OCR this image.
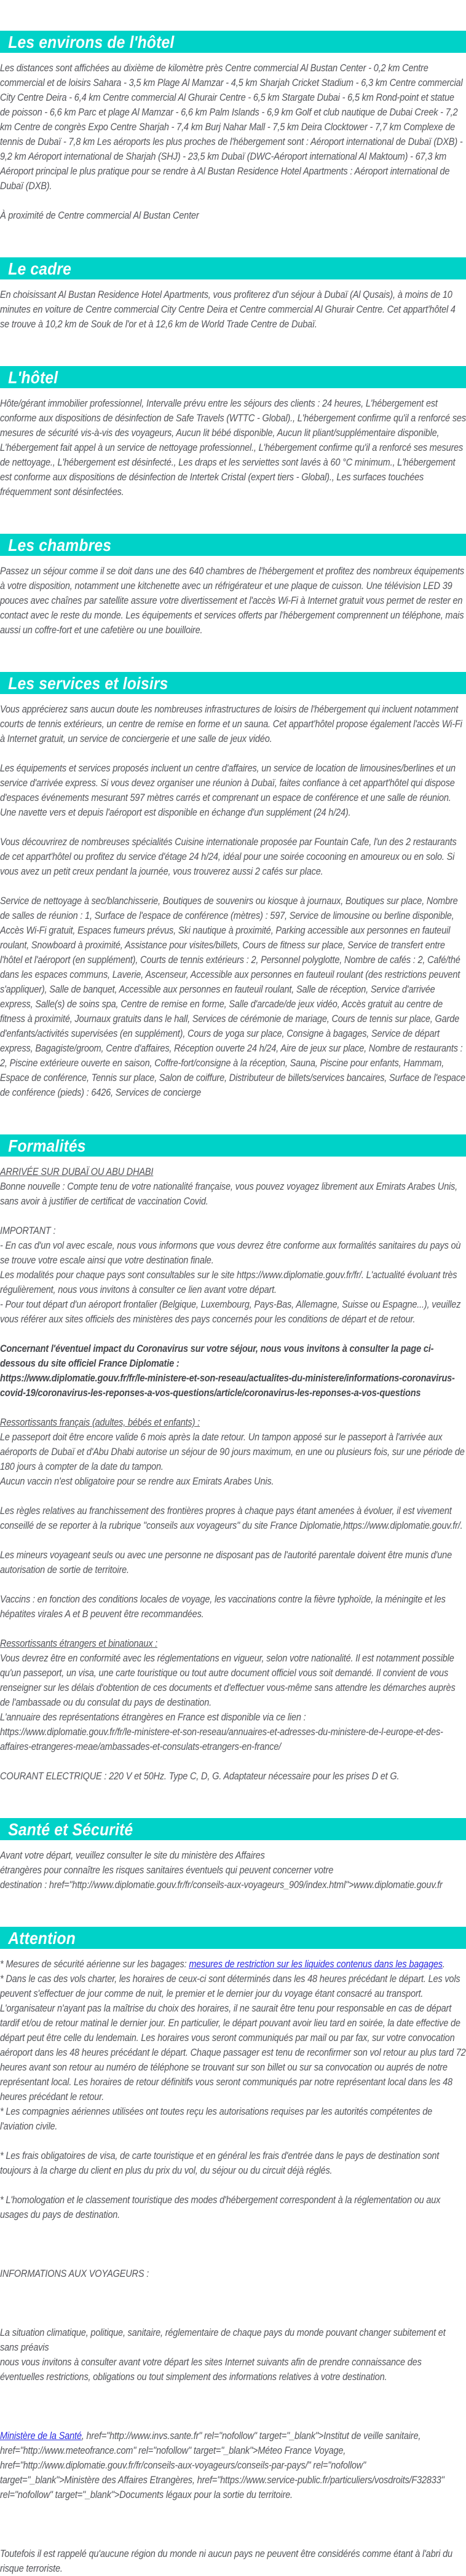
Les environs de l'hôtel

Les distances sont affichées au dixième de kilomètre près Centre commercial Al Bustan Center - 0,2 km Centre commercial et de loisirs Sahara - 3,5 km Plage Al Mamzar - 4,5 km Sharjah Cricket Stadium - 6,3 km Centre commercial City Centre Deira - 6,4 km Centre commercial Al Ghurair Centre - 6,5 km Stargate Dubai - 6,5 km Rond-point et statue de poisson - 6,6 km Parc et plage Al Mamzar - 6,6 km Palm Islands - 6,9 km Golf et club nautique de Dubai Creek - 7,2 km Centre de congrès Expo Centre Sharjah - 7,4 km Burj Nahar Mall - 7,5 km Deira Clocktower - 7,7 km Complexe de tennis de Dubaï - 7,8 km Les aéroports les plus proches de l'hébergement sont : Aéroport international de Dubaï (DXB) - 9,2 km Aéroport international de Sharjah (SHJ) - 23,5 km Dubaï (DWC-Aéroport international Al Maktoum) - 67,3 km Aéroport principal le plus pratique pour se rendre à Al Bustan Residence Hotel Apartments : Aéroport international de Dubaï (DXB).

À proximité de Centre commercial Al Bustan Center

Le cadre

En choisissant Al Bustan Residence Hotel Apartments, vous profiterez d'un séjour à Dubaï (Al Qusais), à moins de 10 minutes en voiture de Centre commercial City Centre Deira et Centre commercial Al Ghurair Centre. Cet appart'hôtel 4 se trouve à 10,2 km de Souk de l'or et à 12,6 km de World Trade Centre de Dubaï.

L'hôtel

Hôte/gérant immobilier professionnel, Intervalle prévu entre les séjours des clients : 24 heures, L'hébergement est conforme aux dispositions de désinfection de Safe Travels (WTTC - Global)., L'hébergement confirme qu'il a renforcé ses mesures de sécurité vis-à-vis des voyageurs, Aucun lit bébé disponible, Aucun lit pliant/supplémentaire disponible, L'hébergement fait appel à un service de nettoyage professionnel., L'hébergement confirme qu'il a renforcé ses mesures de nettoyage., L'hébergement est désinfecté., Les draps et les serviettes sont lavés à 60 °C minimum., L'hébergement est conforme aux dispositions de désinfection de Intertek Cristal (expert tiers - Global)., Les surfaces touchées fréquemment sont désinfectées.

Les chambres

Passez un séjour comme il se doit dans une des 640 chambres de l'hébergement et profitez des nombreux équipements à votre disposition, notamment une kitchenette avec un réfrigérateur et une plaque de cuisson. Une télévision LED 39 pouces avec chaînes par satellite assure votre divertissement et l'accès Wi-Fi à Internet gratuit vous permet de rester en contact avec le reste du monde. Les équipements et services offerts par l'hébergement comprennent un téléphone, mais aussi un coffre-fort et une cafetière ou une bouilloire.

Les services et loisirs

Vous apprécierez sans aucun doute les nombreuses infrastructures de loisirs de l'hébergement qui incluent notamment courts de tennis extérieurs, un centre de remise en forme et un sauna. Cet appart'hôtel propose également l'accès Wi-Fi à Internet gratuit, un service de conciergerie et une salle de jeux vidéo.

Les équipements et services proposés incluent un centre d'affaires, un service de location de limousines/berlines et un service d'arrivée express. Si vous devez organiser une réunion à Dubaï, faites confiance à cet appart'hôtel qui dispose d'espaces événements mesurant 597 mètres carrés et comprenant un espace de conférence et une salle de réunion. Une navette vers et depuis l'aéroport est disponible en échange d'un supplément (24 h/24).

Vous découvrirez de nombreuses spécialités Cuisine internationale proposée par Fountain Cafe, l'un des 2 restaurants de cet appart'hôtel ou profitez du service d'étage 24 h/24, idéal pour une soirée cocooning en amoureux ou en solo. Si vous avez un petit creux pendant la journée, vous trouverez aussi 2 cafés sur place.

Service de nettoyage à sec/blanchisserie, Boutiques de souvenirs ou kiosque à journaux, Boutiques sur place, Nombre de salles de réunion : 1, Surface de l'espace de conférence (mètres) : 597, Service de limousine ou berline disponible, Accès Wi-Fi gratuit, Espaces fumeurs prévus, Ski nautique à proximité, Parking accessible aux personnes en fauteuil roulant, Snowboard à proximité, Assistance pour visites/billets, Cours de fitness sur place, Service de transfert entre l'hôtel et l'aéroport (en supplément), Courts de tennis extérieurs : 2, Personnel polyglotte, Nombre de cafés : 2, Café/thé dans les espaces communs, Laverie, Ascenseur, Accessible aux personnes en fauteuil roulant (des restrictions peuvent s'appliquer), Salle de banquet, Accessible aux personnes en fauteuil roulant, Salle de réception, Service d'arrivée express, Salle(s) de soins spa, Centre de remise en forme, Salle d'arcade/de jeux vidéo, Accès gratuit au centre de fitness à proximité, Journaux gratuits dans le hall, Services de cérémonie de mariage, Cours de tennis sur place, Garde d'enfants/activités supervisées (en supplément), Cours de yoga sur place, Consigne à bagages, Service de départ express, Bagagiste/groom, Centre d'affaires, Réception ouverte 24 h/24, Aire de jeux sur place, Nombre de restaurants : 2, Piscine extérieure ouverte en saison, Coffre-fort/consigne à la réception, Sauna, Piscine pour enfants, Hammam, Espace de conférence, Tennis sur place, Salon de coiffure, Distributeur de billets/services bancaires, Surface de l'espace de conférence (pieds) : 6426, Services de concierge

Formalités

ARRIVÉE SUR DUBAÏ OU ABU DHABI
Bonne nouvelle : Compte tenu de votre nationalité française, vous pouvez voyagez librement aux Emirats Arabes Unis, sans avoir à justifier de certificat de vaccination Covid.

IMPORTANT :
- En cas d'un vol avec escale, nous vous informons que vous devrez être conforme aux formalités sanitaires du pays où se trouve votre escale ainsi que votre destination finale.
Les modalités pour chaque pays sont consultables sur le site https://www.diplomatie.gouv.fr/fr/. L'actualité évoluant très régulièrement, nous vous invitons à consulter ce lien avant votre départ.
- Pour tout départ d'un aéroport frontalier (Belgique, Luxembourg, Pays-Bas, Allemagne, Suisse ou Espagne...), veuillez vous référer aux sites officiels des ministères des pays concernés pour les conditions de départ et de retour.

Concernant l'éventuel impact du Coronavirus sur votre séjour, nous vous invitons à consulter la page ci-dessous du site officiel France Diplomatie :
https://www.diplomatie.gouv.fr/fr/le-ministere-et-son-reseau/actualites-du-ministere/informations-coronavirus-covid-19/coronavirus-les-reponses-a-vos-questions/article/coronavirus-les-reponses-a-vos-questions

Ressortissants français (adultes, bébés et enfants) :
Le passeport doit être encore valide 6 mois après la date retour. Un tampon apposé sur le passeport à l'arrivée aux aéroports de Dubaï et d'Abu Dhabi autorise un séjour de 90 jours maximum, en une ou plusieurs fois, sur une période de 180 jours à compter de la date du tampon.
Aucun vaccin n'est obligatoire pour se rendre aux Emirats Arabes Unis.

Les règles relatives au franchissement des frontières propres à chaque pays étant amenées à évoluer, il est vivement conseillé de se reporter à la rubrique "conseils aux voyageurs" du site France Diplomatie,https://www.diplomatie.gouv.fr/.

Les mineurs voyageant seuls ou avec une personne ne disposant pas de l'autorité parentale doivent être munis d'une autorisation de sortie de territoire.

Vaccins : en fonction des conditions locales de voyage, les vaccinations contre la fièvre typhoïde, la méningite et les hépatites virales A et B peuvent être recommandées.

Ressortissants étrangers et binationaux :
Vous devrez être en conformité avec les réglementations en vigueur, selon votre nationalité. Il est notamment possible qu'un passeport, un visa, une carte touristique ou tout autre document officiel vous soit demandé. Il convient de vous renseigner sur les délais d'obtention de ces documents et d'effectuer vous-même sans attendre les démarches auprès de l'ambassade ou du consulat du pays de destination.
L'annuaire des représentations étrangères en France est disponible via ce lien :
https://www.diplomatie.gouv.fr/fr/le-ministere-et-son-reseau/annuaires-et-adresses-du-ministere-de-l-europe-et-des-affaires-etrangeres-meae/ambassades-et-consulats-etrangers-en-france/

COURANT ELECTRIQUE : 220 V et 50Hz. Type C, D, G. Adaptateur nécessaire pour les prises D et G.

Santé et Sécurité

Avant votre départ, veuillez consulter le site du ministère des Affaires
étrangères pour connaître les risques sanitaires éventuels qui peuvent concerner votre
destination : href="http://www.diplomatie.gouv.fr/fr/conseils-aux-voyageurs_909/index.html">www.diplomatie.gouv.fr

Attention

* Mesures de sécurité aérienne sur les bagages: mesures de restriction sur les liquides contenus dans les bagages.
* Dans le cas des vols charter, les horaires de ceux-ci sont déterminés dans les 48 heures précédant le départ. Les vols peuvent s'effectuer de jour comme de nuit, le premier et le dernier jour du voyage étant consacré au transport. L'organisateur n'ayant pas la maîtrise du choix des horaires, il ne saurait être tenu pour responsable en cas de départ tardif et/ou de retour matinal le dernier jour. En particulier, le départ pouvant avoir lieu tard en soirée, la date effective de départ peut être celle du lendemain. Les horaires vous seront communiqués par mail ou par fax, sur votre convocation aéroport dans les 48 heures précédant le départ. Chaque passager est tenu de reconfirmer son vol retour au plus tard 72 heures avant son retour au numéro de téléphone se trouvant sur son billet ou sur sa convocation ou auprés de notre représentant local. Les horaires de retour définitifs vous seront communiqués par notre représentant local dans les 48 heures précédant le retour.
* Les compagnies aériennes utilisées ont toutes reçu les autorisations requises par les autorités compétentes de l'aviation civile.

* Les frais obligatoires de visa, de carte touristique et en général les frais d'entrée dans le pays de destination sont toujours à la charge du client en plus du prix du vol, du séjour ou du circuit déjà réglés.

* L'homologation et le classement touristique des modes d'hébergement correspondent à la réglementation ou aux usages du pays de destination.

INFORMATIONS AUX VOYAGEURS :

La situation climatique, politique, sanitaire, réglementaire de chaque pays du monde pouvant changer subitement et sans préavis
nous vous invitons à consulter avant votre départ les sites Internet suivants afin de prendre connaissance des éventuelles restrictions, obligations ou tout simplement des informations relatives à votre destination.

Ministère de la Santé, href="http://www.invs.sante.fr" rel="nofollow" target="_blank">Institut de veille sanitaire, href="http://www.meteofrance.com" rel="nofollow" target="_blank">Méteo France Voyage, href="http://www.diplomatie.gouv.fr/fr/conseils-aux-voyageurs/conseils-par-pays/" rel="nofollow" target="_blank">Ministère des Affaires Etrangères, href="https://www.service-public.fr/particuliers/vosdroits/F32833" rel="nofollow" target="_blank">Documents légaux pour la sortie du territoire.

Toutefois il est rappelé qu'aucune région du monde ni aucun pays ne peuvent être considérés comme étant à l'abri du risque terroriste.
